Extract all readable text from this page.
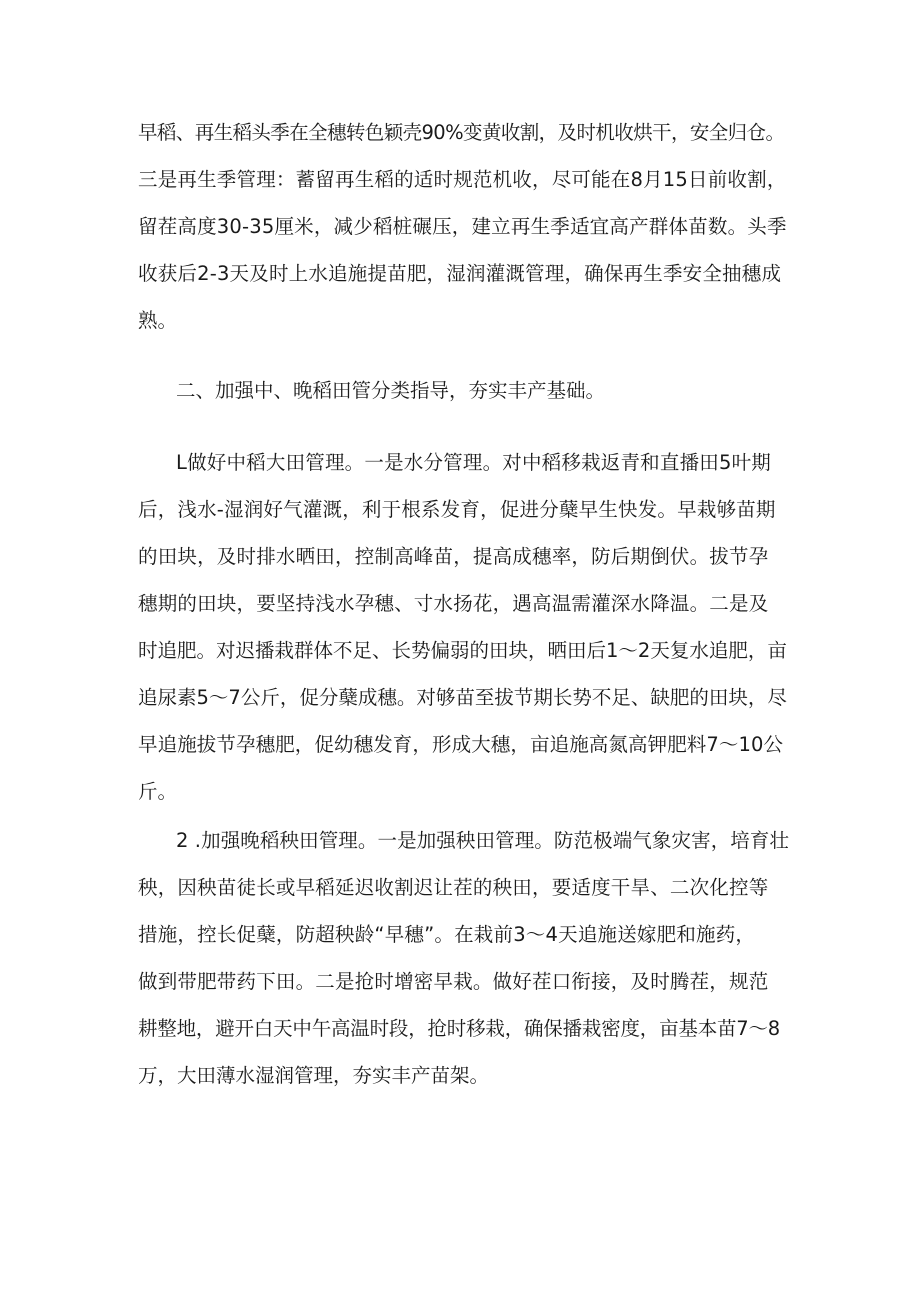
早稻、再生稻头季在全穗转色颖壳90%变黄收割，及时机收烘干，安全归仓。
三是再生季管理：蓄留再生稻的适时规范机收，尽可能在8月15日前收割，
留茬高度30-35厘米，减少稻桩碾压，建立再生季适宜高产群体苗数。头季
收获后2-3天及时上水追施提苗肥，湿润灌溉管理，确保再生季安全抽穗成
熟。
二、加强中、晚稻田管分类指导，夯实丰产基础。
L做好中稻大田管理。一是水分管理。对中稻移栽返青和直播田5叶期
后，浅水-湿润好气灌溉，利于根系发育，促进分蘖早生快发。早栽够苗期
的田块，及时排水晒田，控制高峰苗，提高成穗率，防后期倒伏。拔节孕
穗期的田块，要坚持浅水孕穗、寸水扬花，遇高温需灌深水降温。二是及
时追肥。对迟播栽群体不足、长势偏弱的田块，晒田后1〜2天复水追肥，亩
追尿素5〜7公斤，促分蘖成穗。对够苗至拔节期长势不足、缺肥的田块，尽
早追施拔节孕穗肥，促幼穗发育，形成大穗，亩追施高氮高钾肥料7〜10公
斤。
2 .加强晚稻秧田管理。一是加强秧田管理。防范极端气象灾害，培育壮
秧，因秧苗徒长或早稻延迟收割迟让茬的秧田，要适度干旱、二次化控等
措施，控长促蘖，防超秧龄“早穗”。在栽前3〜4天追施送嫁肥和施药，
做到带肥带药下田。二是抢时增密早栽。做好茬口衔接，及时腾茬，规范
耕整地，避开白天中午高温时段，抢时移栽，确保播栽密度，亩基本苗7〜8
万，大田薄水湿润管理，夯实丰产苗架。
